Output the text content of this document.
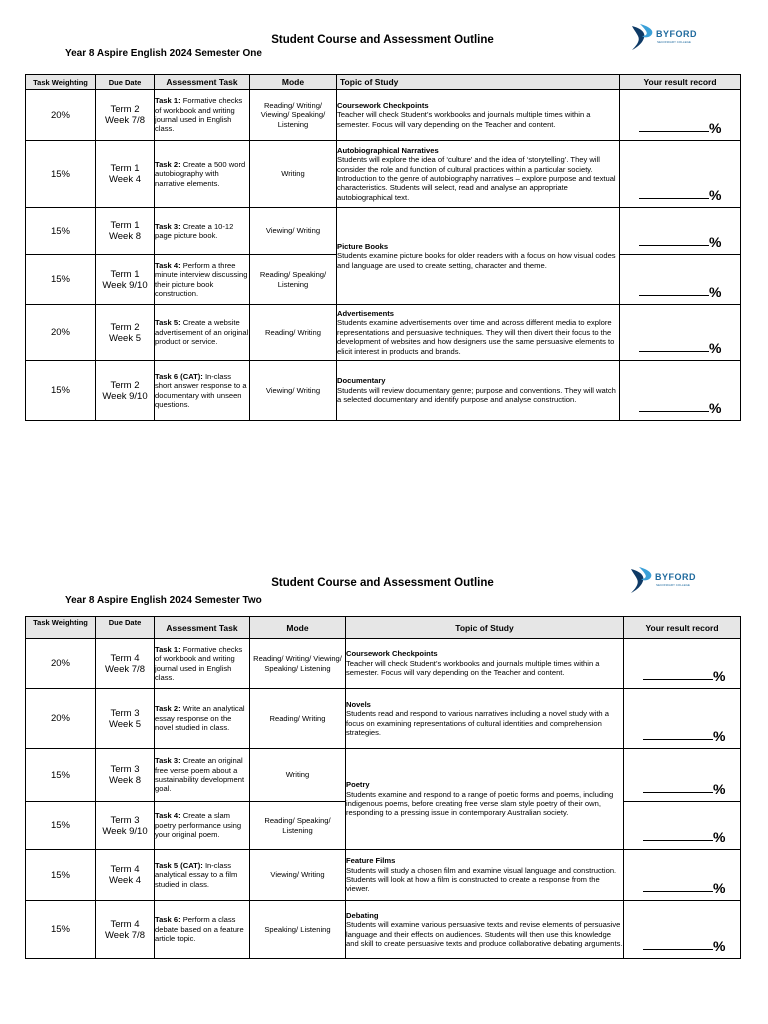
Student Course and Assessment Outline
Year 8 Aspire English 2024 Semester One
BYFORD
SECONDARY COLLEGE
Task Weighting	Due Date	Assessment Task	Mode	Topic of Study	Your result record
20%	Term 2
Week 7/8	Task 1: Formative checks of workbook and writing journal used in English class.	Reading/ Writing/ Viewing/ Speaking/ Listening	Coursework Checkpoints
Teacher will check Student’s workbooks and journals multiple times within a semester. Focus will vary depending on the Teacher and content.	%

15%	Term 1
Week 4	Task 2: Create a 500 word autobiography with narrative elements.	Writing	Autobiographical Narratives
Students will explore the idea of ‘culture’ and the idea of ‘storytelling’. They will consider the role and function of cultural practices within a particular society. Introduction to the genre of autobiography narratives – explore purpose and textual characteristics. Students will select, read and analyse an appropriate autobiographical text.	%

15%	Term 1
Week 8	Task 3: Create a 10-12 page picture book.	Viewing/ Writing	Picture Books
Students examine picture books for older readers with a focus on how visual codes and language are used to create setting, character and theme.	%

15%	Term 1
Week 9/10	Task 4: Perform a three minute interview discussing their picture book construction.	Reading/ Speaking/ Listening		%

20%	Term 2
Week 5	Task 5: Create a website advertisement of an original product or service.	Reading/ Writing	Advertisements
Students examine advertisements over time and across different media to explore representations and persuasive techniques. They will then divert their focus to the development of websites and how designers use the same persuasive elements to elicit interest in products and brands.	%

15%	Term 2
Week 9/10	Task 6 (CAT): In-class short answer response to a documentary with unseen questions.	Viewing/ Writing	Documentary
Students will review documentary genre; purpose and conventions. They will watch a selected documentary and identify purpose and analyse construction.	%
Student Course and Assessment Outline
Year 8 Aspire English 2024 Semester Two
BYFORD
SECONDARY COLLEGE
Task Weighting	Due Date	Assessment Task	Mode	Topic of Study	Your result record
20%	Term 4
Week 7/8	Task 1: Formative checks of workbook and writing journal used in English class.	Reading/ Writing/ Viewing/ Speaking/ Listening	Coursework Checkpoints
Teacher will check Student’s workbooks and journals multiple times within a semester. Focus will vary depending on the Teacher and content.	%

20%	Term 3
Week 5	Task 2: Write an analytical essay response on the novel studied in class.	Reading/ Writing	Novels
Students read and respond to various narratives including a novel study with a focus on examining representations of cultural identities and comprehension strategies.	%

15%	Term 3
Week 8	Task 3: Create an original free verse poem about a sustainability development goal.	Writing	Poetry
Students examine and respond to a range of poetic forms and poems, including indigenous poems, before creating free verse slam style poetry of their own, responding to a pressing issue in contemporary Australian society.	%

15%	Term 3
Week 9/10	Task 4: Create a slam poetry performance using your original poem.	Reading/ Speaking/ Listening		%

15%	Term 4
Week 4	Task 5 (CAT): In-class analytical essay to a film studied in class.	Viewing/ Writing	Feature Films
Students will study a chosen film and examine visual language and construction. Students will look at how a film is constructed to create a response from the viewer.	%

15%	Term 4
Week 7/8	Task 6: Perform a class debate based on a feature article topic.	Speaking/ Listening	Debating
Students will examine various persuasive texts and revise elements of persuasive language and their effects on audiences. Students will then use this knowledge and skill to create persuasive texts and produce collaborative debating arguments.	%
